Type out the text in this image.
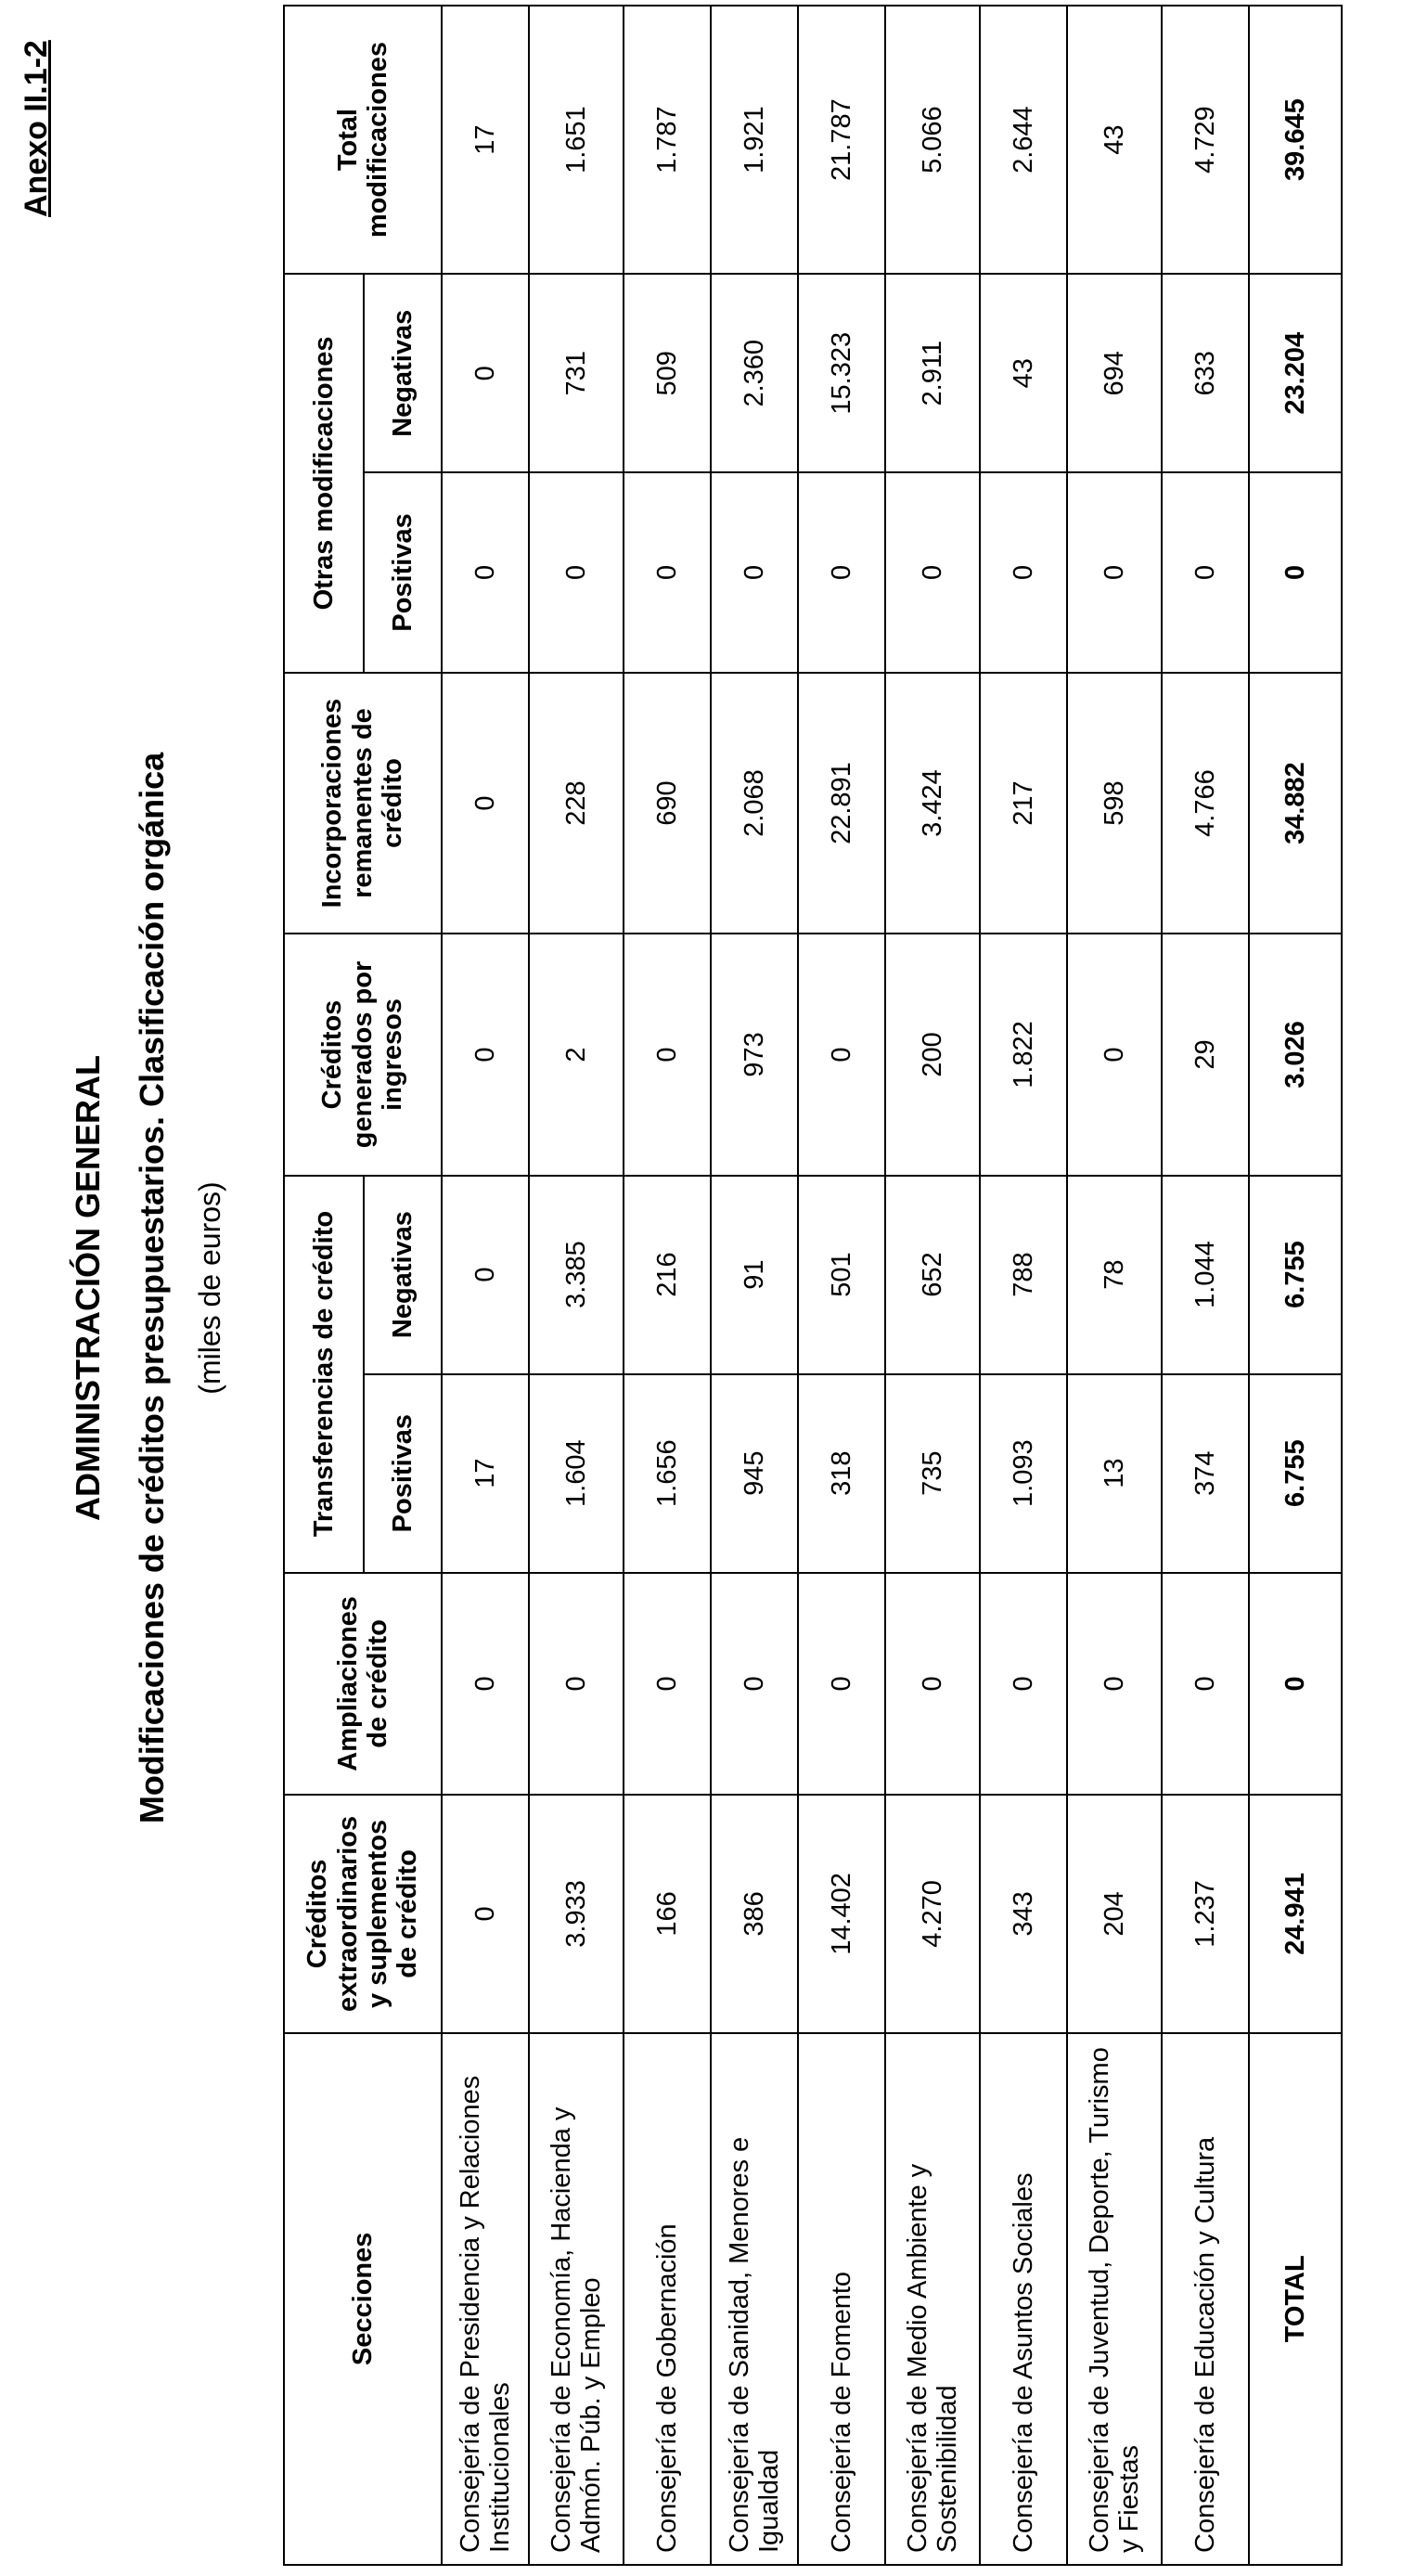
Anexo II.1-2
ADMINISTRACIÓN GENERAL Modificaciones de créditos presupuestarios. Clasificación orgánica (miles de euros)

Secciones	Créditos extraordinarios y suplementos de crédito	Ampliaciones de crédito	Transferencias de crédito		Créditos generados por ingresos	Incorporaciones remanentes de crédito	Otras modificaciones		Total modificaciones
			Positivas	Negativas			Positivas	Negativas	
Consejería de Presidencia y Relaciones Institucionales	0	0	17	0	0	0	0	0	17
Consejería de Economía, Hacienda y Admón. Púb. y Empleo	3.933	0	1.604	3.385	2	228	0	731	1.651
Consejería de Gobernación	166	0	1.656	216	0	690	0	509	1.787
Consejería de Sanidad, Menores e Igualdad	386	0	945	91	973	2.068	0	2.360	1.921
Consejería de Fomento	14.402	0	318	501	0	22.891	0	15.323	21.787
Consejería de Medio Ambiente y Sostenibilidad	4.270	0	735	652	200	3.424	0	2.911	5.066
Consejería de Asuntos Sociales	343	0	1.093	788	1.822	217	0	43	2.644
Consejería de Juventud, Deporte, Turismo y Fiestas	204	0	13	78	0	598	0	694	43
Consejería de Educación y Cultura	1.237	0	374	1.044	29	4.766	0	633	4.729
TOTAL	24.941	0	6.755	6.755	3.026	34.882	0	23.204	39.645
